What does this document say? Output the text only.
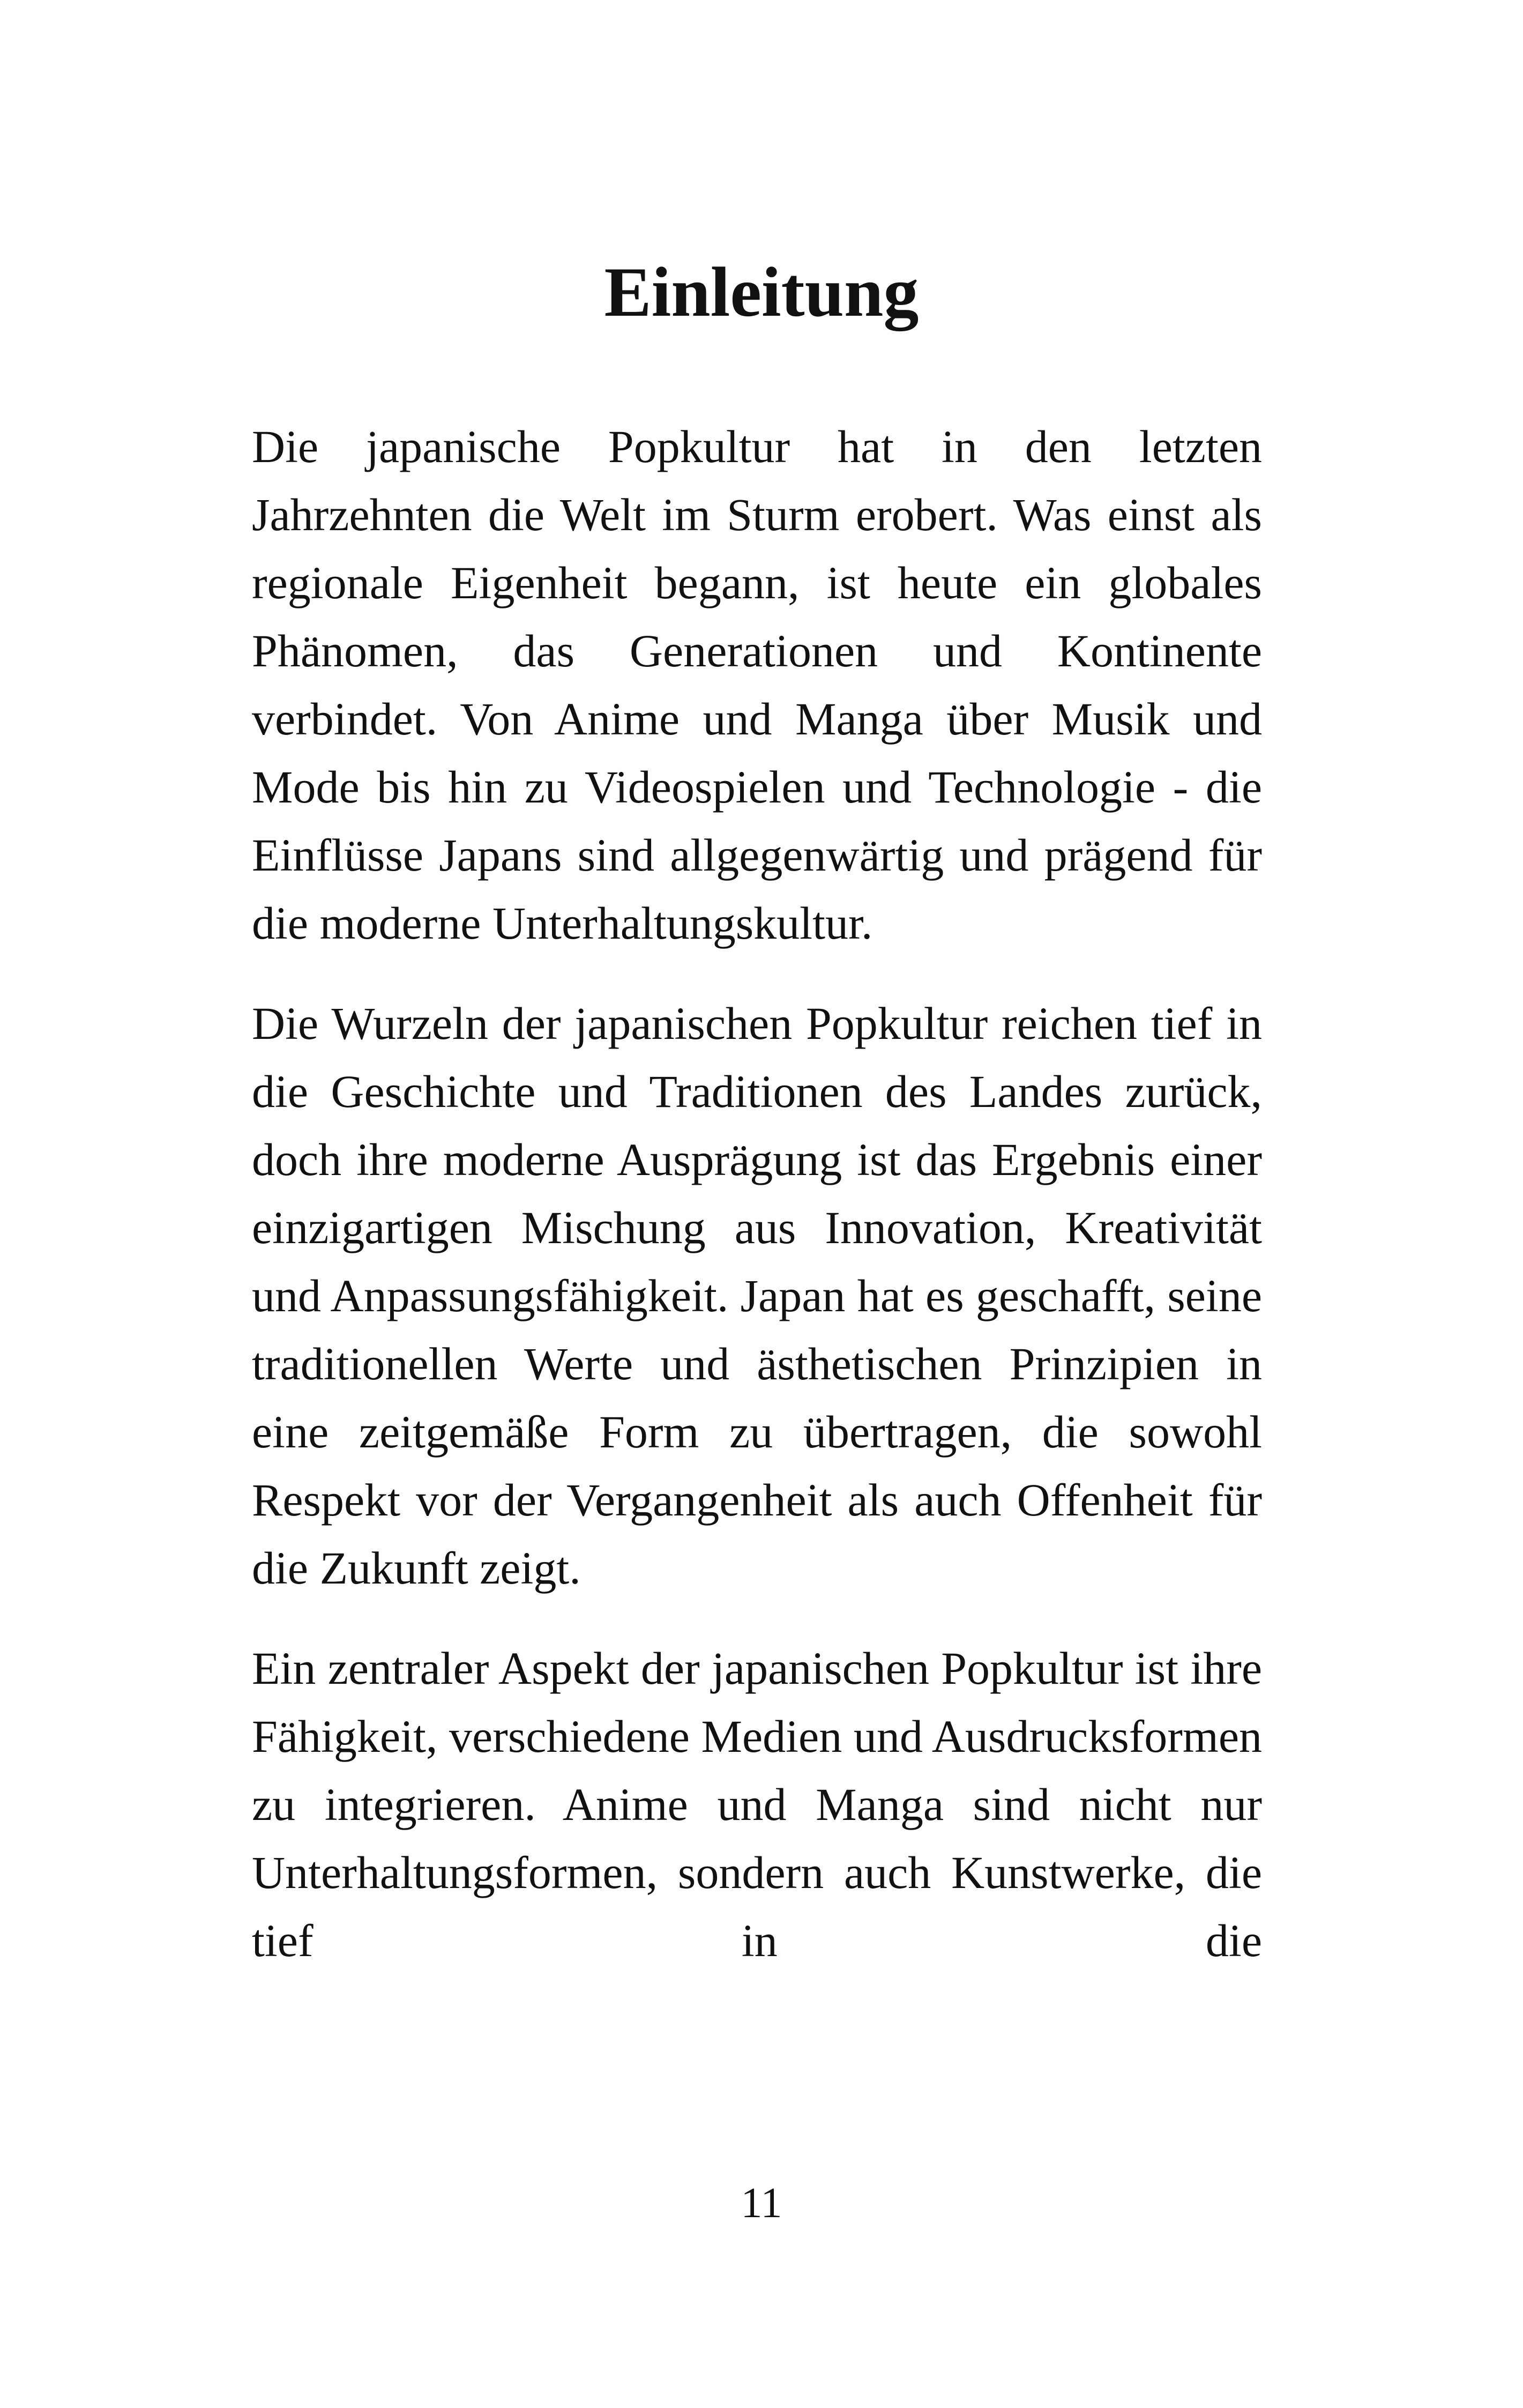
Einleitung

Die japanische Popkultur hat in den letzten Jahrzehnten die Welt im Sturm erobert. Was einst als regionale Eigenheit begann, ist heute ein globales Phänomen, das Generationen und Kontinente verbindet. Von Anime und Manga über Musik und Mode bis hin zu Videospielen und Technologie - die Einflüsse Japans sind allgegenwärtig und prägend für die moderne Unterhaltungskultur.

Die Wurzeln der japanischen Popkultur reichen tief in die Geschichte und Traditionen des Landes zurück, doch ihre moderne Ausprägung ist das Ergebnis einer einzigartigen Mischung aus Innovation, Kreativität und Anpassungsfähigkeit. Japan hat es geschafft, seine traditionellen Werte und ästhetischen Prinzipien in eine zeitgemäße Form zu übertragen, die sowohl Respekt vor der Vergangenheit als auch Offenheit für die Zukunft zeigt.

Ein zentraler Aspekt der japanischen Popkultur ist ihre Fähigkeit, verschiedene Medien und Ausdrucksformen zu integrieren. Anime und Manga sind nicht nur Unterhaltungsformen, sondern auch Kunstwerke, die tief in die

11
